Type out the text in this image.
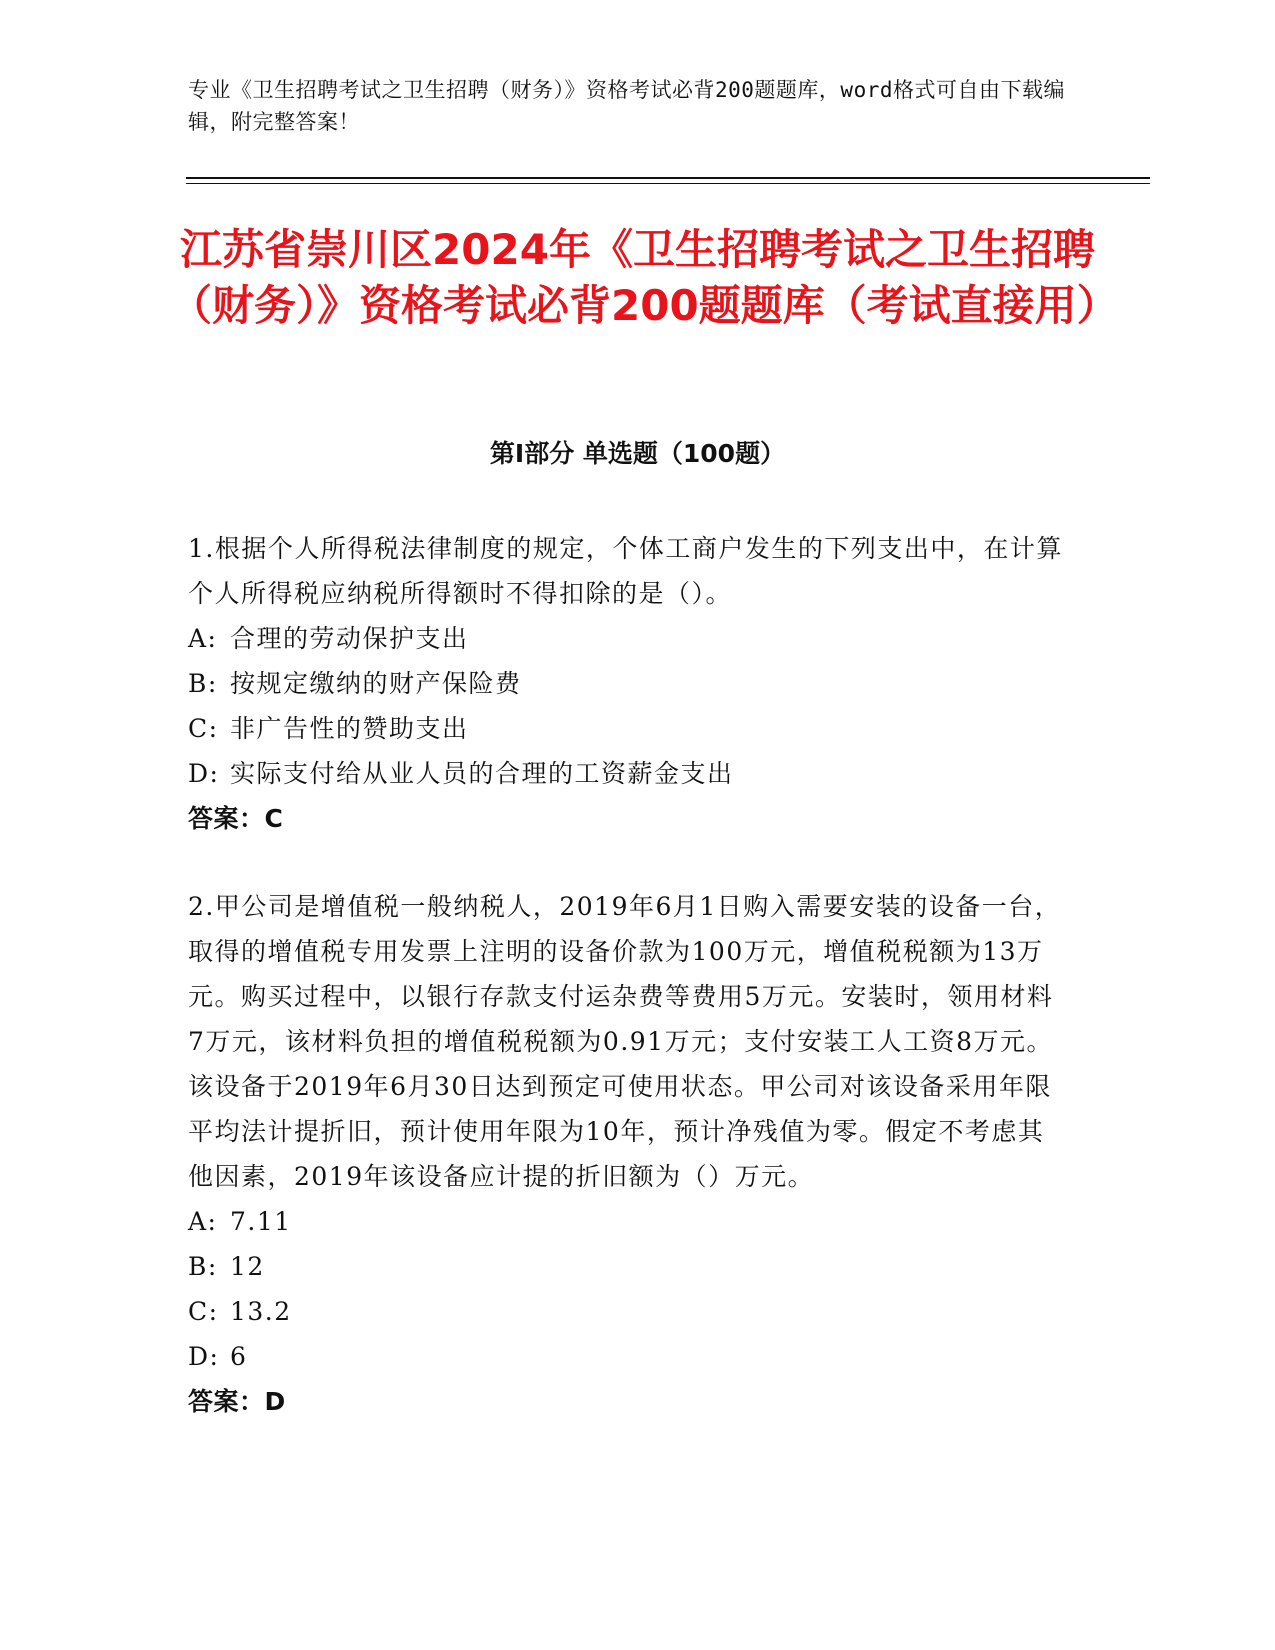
专业《卫生招聘考试之卫生招聘（财务）》资格考试必背200题题库，word格式可自由下载编辑，附完整答案！
江苏省崇川区2024年《卫生招聘考试之卫生招聘（财务）》资格考试必背200题题库（考试直接用）
第I部分 单选题（100题）

1.根据个人所得税法律制度的规定，个体工商户发生的下列支出中，在计算个人所得税应纳税所得额时不得扣除的是（）。

A: 合理的劳动保护支出

B: 按规定缴纳的财产保险费

C: 非广告性的赞助支出

D: 实际支付给从业人员的合理的工资薪金支出

答案：C

2.甲公司是增值税一般纳税人，2019年6月1日购入需要安装的设备一台，取得的增值税专用发票上注明的设备价款为100万元，增值税税额为13万元。购买过程中，以银行存款支付运杂费等费用5万元。安装时，领用材料7万元，该材料负担的增值税税额为0.91万元；支付安装工人工资8万元。该设备于2019年6月30日达到预定可使用状态。甲公司对该设备采用年限平均法计提折旧，预计使用年限为10年，预计净残值为零。假定不考虑其他因素，2019年该设备应计提的折旧额为（）万元。

A: 7.11

B: 12

C: 13.2

D: 6

答案：D
